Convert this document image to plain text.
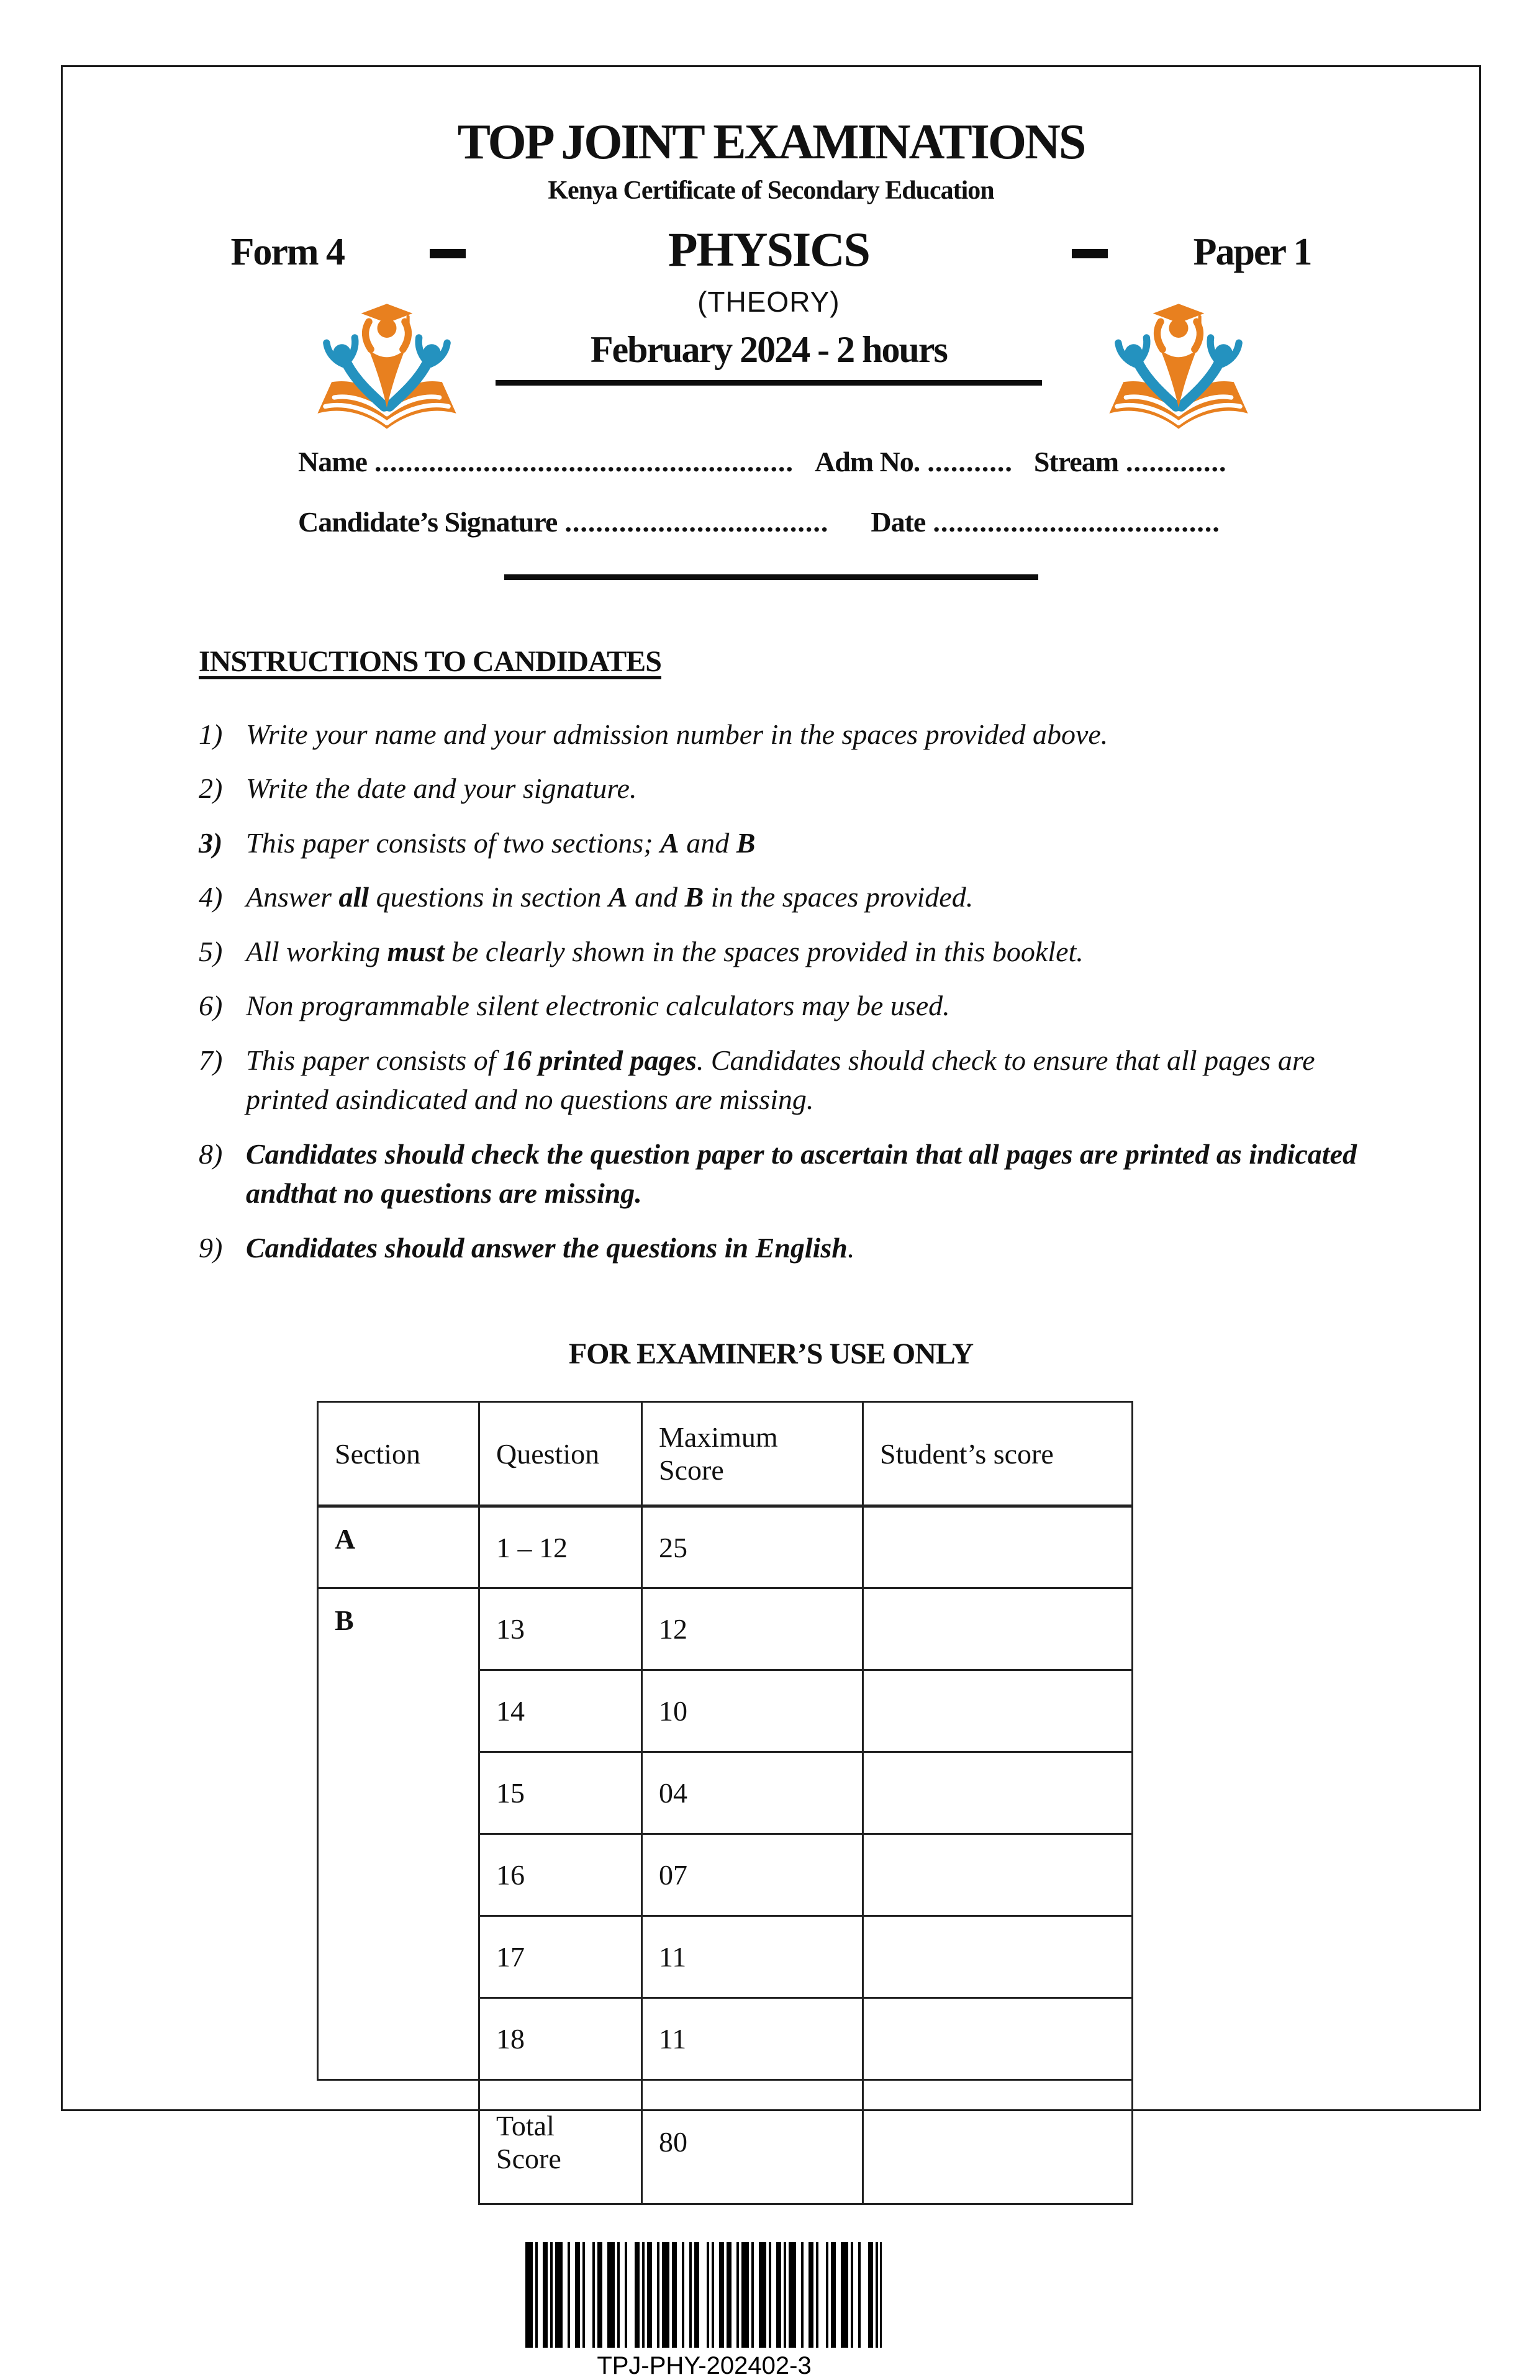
TOP JOINT EXAMINATIONS
Kenya Certificate of Secondary Education
Form 4	PHYSICS
(THEORY)
February 2024 - 2 hours
Paper 1
Name ...................................................... Adm No. ........... Stream .............
Candidate’s Signature .................................. Date .....................................
INSTRUCTIONS TO CANDIDATES
1) Write your name and your admission number in the spaces provided above.
2) Write the date and your signature.
3) This paper consists of two sections; A and B
4) Answer all questions in section A and B in the spaces provided.
5) All working must be clearly shown in the spaces provided in this booklet.
6) Non programmable silent electronic calculators may be used.
7) This paper consists of 16 printed pages. Candidates should check to ensure that all pages are printed asindicated and no questions are missing.
8) Candidates should check the question paper to ascertain that all pages are printed as indicated andthat no questions are missing.
9) Candidates should answer the questions in English.
FOR EXAMINER’S USE ONLY
Section	Question	Maximum Score	Student’s score
A	1 – 12	25	
B	13	12	
	14	10	
	15	04	
	16	07	
	17	11	
	18	11	
	Total Score	80	
TPJ-PHY-202402-3
